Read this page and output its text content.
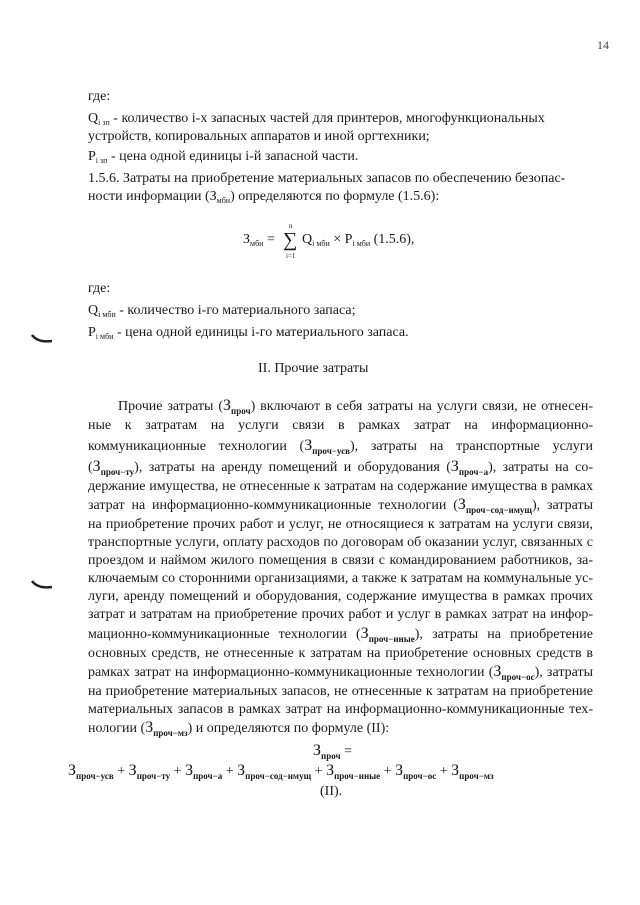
14
где:
$Q_{i зп}$ - количество i-х запасных частей для принтеров, многофункциональных
устройств, копировальных аппаратов и иной оргтехники;
$P_{i зп}$ - цена одной единицы i-й запасной части.
1.5.6. Затраты на приобретение материальных запасов по обеспечению безопас-
ности информации $(З_{мби})$ определяются по формуле (1.5.6):
$З_{мби}$ =
n
∑
i=1
$Q_{i мби} \times P_{i мби}$ (1.5.6),
где:
$Q_{i мби}$ - количество i-го материального запаса;
$P_{i мби}$ - цена одной единицы i-го материального запаса.
II. Прочие затраты
Прочие затраты $(З_{проч})$ включают в себя затраты на услуги связи, не отнесен-
ные к затратам на услуги связи в рамках затрат на информационно-
коммуникационные технологии $(З_{проч-усв})$, затраты на транспортные услуги
$(З_{проч-ту})$, затраты на аренду помещений и оборудования $(З_{проч-а})$, затраты на со-
держание имущества, не отнесенные к затратам на содержание имущества в рамках
затрат на информационно-коммуникационные технологии $(З_{проч-сод-имущ})$, затраты
на приобретение прочих работ и услуг, не относящиеся к затратам на услуги связи,
транспортные услуги, оплату расходов по договорам об оказании услуг, связанных с
проездом и наймом жилого помещения в связи с командированием работников, за-
ключаемым со сторонними организациями, а также к затратам на коммунальные ус-
луги, аренду помещений и оборудования, содержание имущества в рамках прочих
затрат и затратам на приобретение прочих работ и услуг в рамках затрат на инфор-
мационно-коммуникационные технологии $(З_{проч-иные})$, затраты на приобретение
основных средств, не отнесенные к затратам на приобретение основных средств в
рамках затрат на информационно-коммуникационные технологии $(З_{проч-ос})$, затраты
на приобретение материальных запасов, не отнесенные к затратам на приобретение
материальных запасов в рамках затрат на информационно-коммуникационные тех-
нологии $(З_{проч-мз})$ и определяются по формуле (II):
$З_{проч}$ =
$З_{проч-усв} + З_{проч-ту} + З_{проч-а} + З_{проч-сод-имущ} + З_{проч-иные} + З_{проч-ос} + З_{проч-мз}$
(II).
